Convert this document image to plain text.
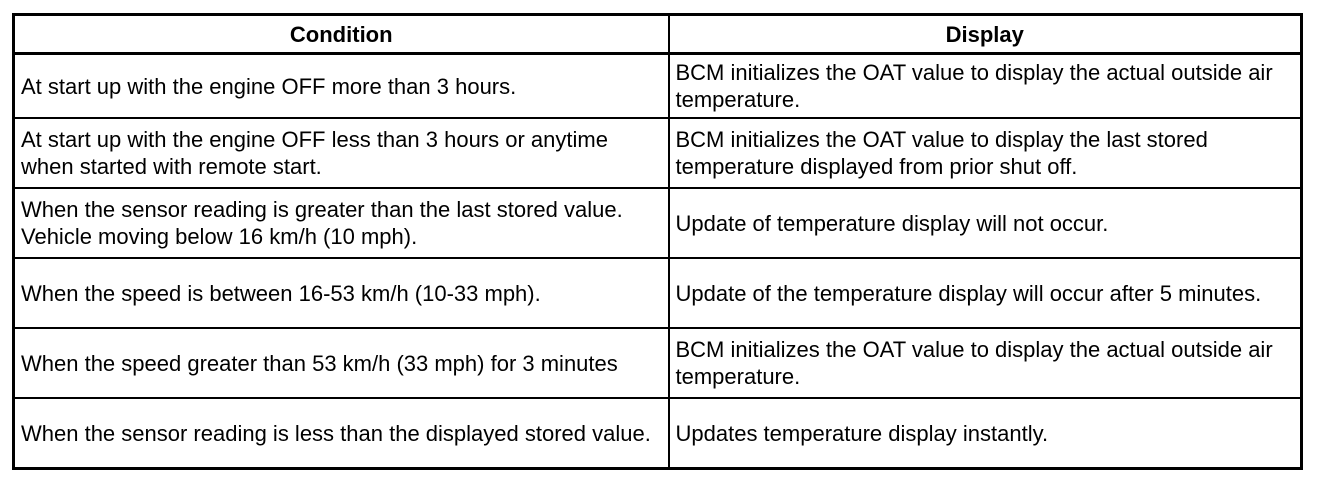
Condition	Display
At start up with the engine OFF more than 3 hours.	BCM initializes the OAT value to display the actual outside air temperature.
At start up with the engine OFF less than 3 hours or anytime when started with remote start.	BCM initializes the OAT value to display the last stored temperature displayed from prior shut off.
When the sensor reading is greater than the last stored value. Vehicle moving below 16 km/h (10 mph).	Update of temperature display will not occur.
When the speed is between 16-53 km/h (10-33 mph).	Update of the temperature display will occur after 5 minutes.
When the speed greater than 53 km/h (33 mph) for 3 minutes	BCM initializes the OAT value to display the actual outside air temperature.
When the sensor reading is less than the displayed stored value.	Updates temperature display instantly.
